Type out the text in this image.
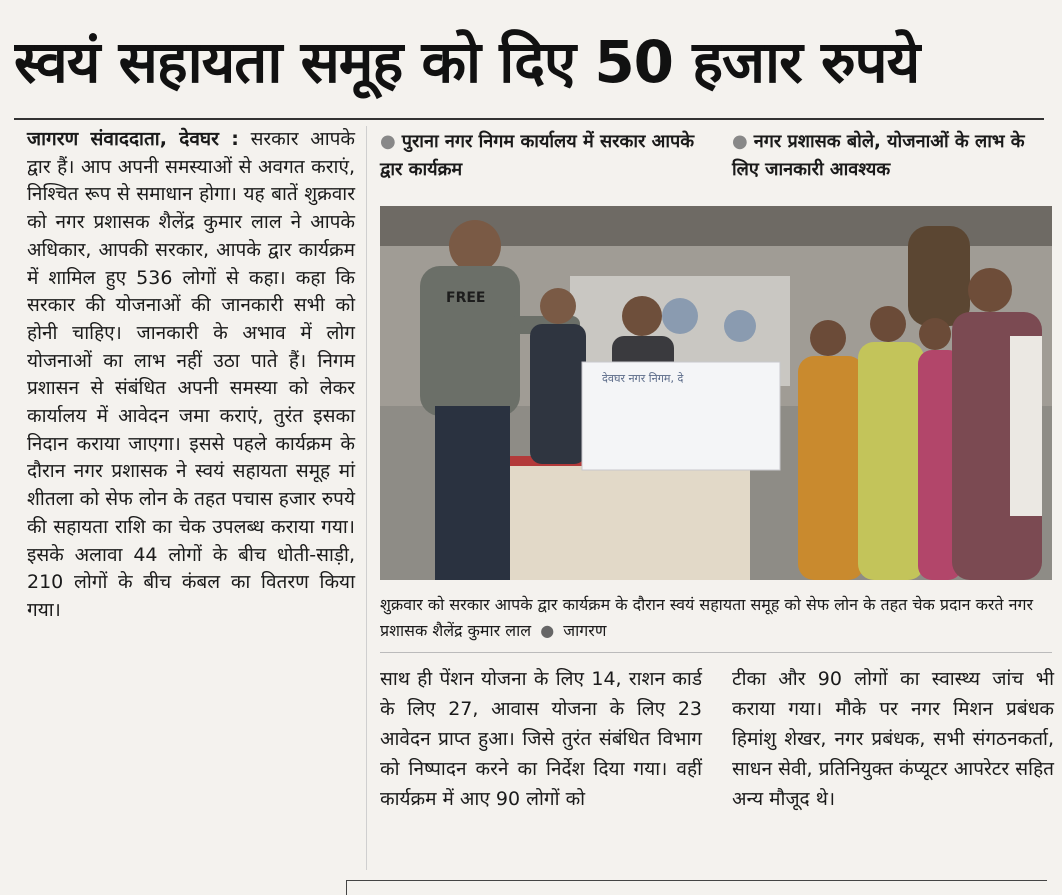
स्वयं सहायता समूह को दिए 50 हजार रुपये
जागरण संवाददाता, देवघर : सरकार आपके द्वार हैं। आप अपनी समस्याओं से अवगत कराएं, निश्चित रूप से समाधान होगा। यह बातें शुक्रवार को नगर प्रशासक शैलेंद्र कुमार लाल ने आपके अधिकार, आपकी सरकार, आपके द्वार कार्यक्रम में शामिल हुए 536 लोगों से कहा। कहा कि सरकार की योजनाओं की जानकारी सभी को होनी चाहिए। जानकारी के अभाव में लोग योजनाओं का लाभ नहीं उठा पाते हैं। निगम प्रशासन से संबंधित अपनी समस्या को लेकर कार्यालय में आवेदन जमा कराएं, तुरंत इसका निदान कराया जाएगा। इससे पहले कार्यक्रम के दौरान नगर प्रशासक ने स्वयं सहायता समूह मां शीतला को सेफ लोन के तहत पचास हजार रुपये की सहायता राशि का चेक उपलब्ध कराया गया। इसके अलावा 44 लोगों के बीच धोती-साड़ी, 210 लोगों के बीच कंबल का वितरण किया गया।
● पुराना नगर निगम कार्यालय में सरकार आपके द्वार कार्यक्रम
● नगर प्रशासक बोले, योजनाओं के लाभ के लिए जानकारी आवश्यक
देवघर नगर निगम, दे
FREE
शुक्रवार को सरकार आपके द्वार कार्यक्रम के दौरान स्वयं सहायता समूह को सेफ लोन के तहत चेक प्रदान करते नगर प्रशासक शैलेंद्र कुमार लाल ● जागरण
साथ ही पेंशन योजना के लिए 14, राशन कार्ड के लिए 27, आवास योजना के लिए 23 आवेदन प्राप्त हुआ। जिसे तुरंत संबंधित विभाग को निष्पादन करने का निर्देश दिया गया। वहीं कार्यक्रम में आए 90 लोगों को
टीका और 90 लोगों का स्वास्थ्य जांच भी कराया गया। मौके पर नगर मिशन प्रबंधक हिमांशु शेखर, नगर प्रबंधक, सभी संगठनकर्ता, साधन सेवी, प्रतिनियुक्त कंप्यूटर आपरेटर सहित अन्य मौजूद थे।
